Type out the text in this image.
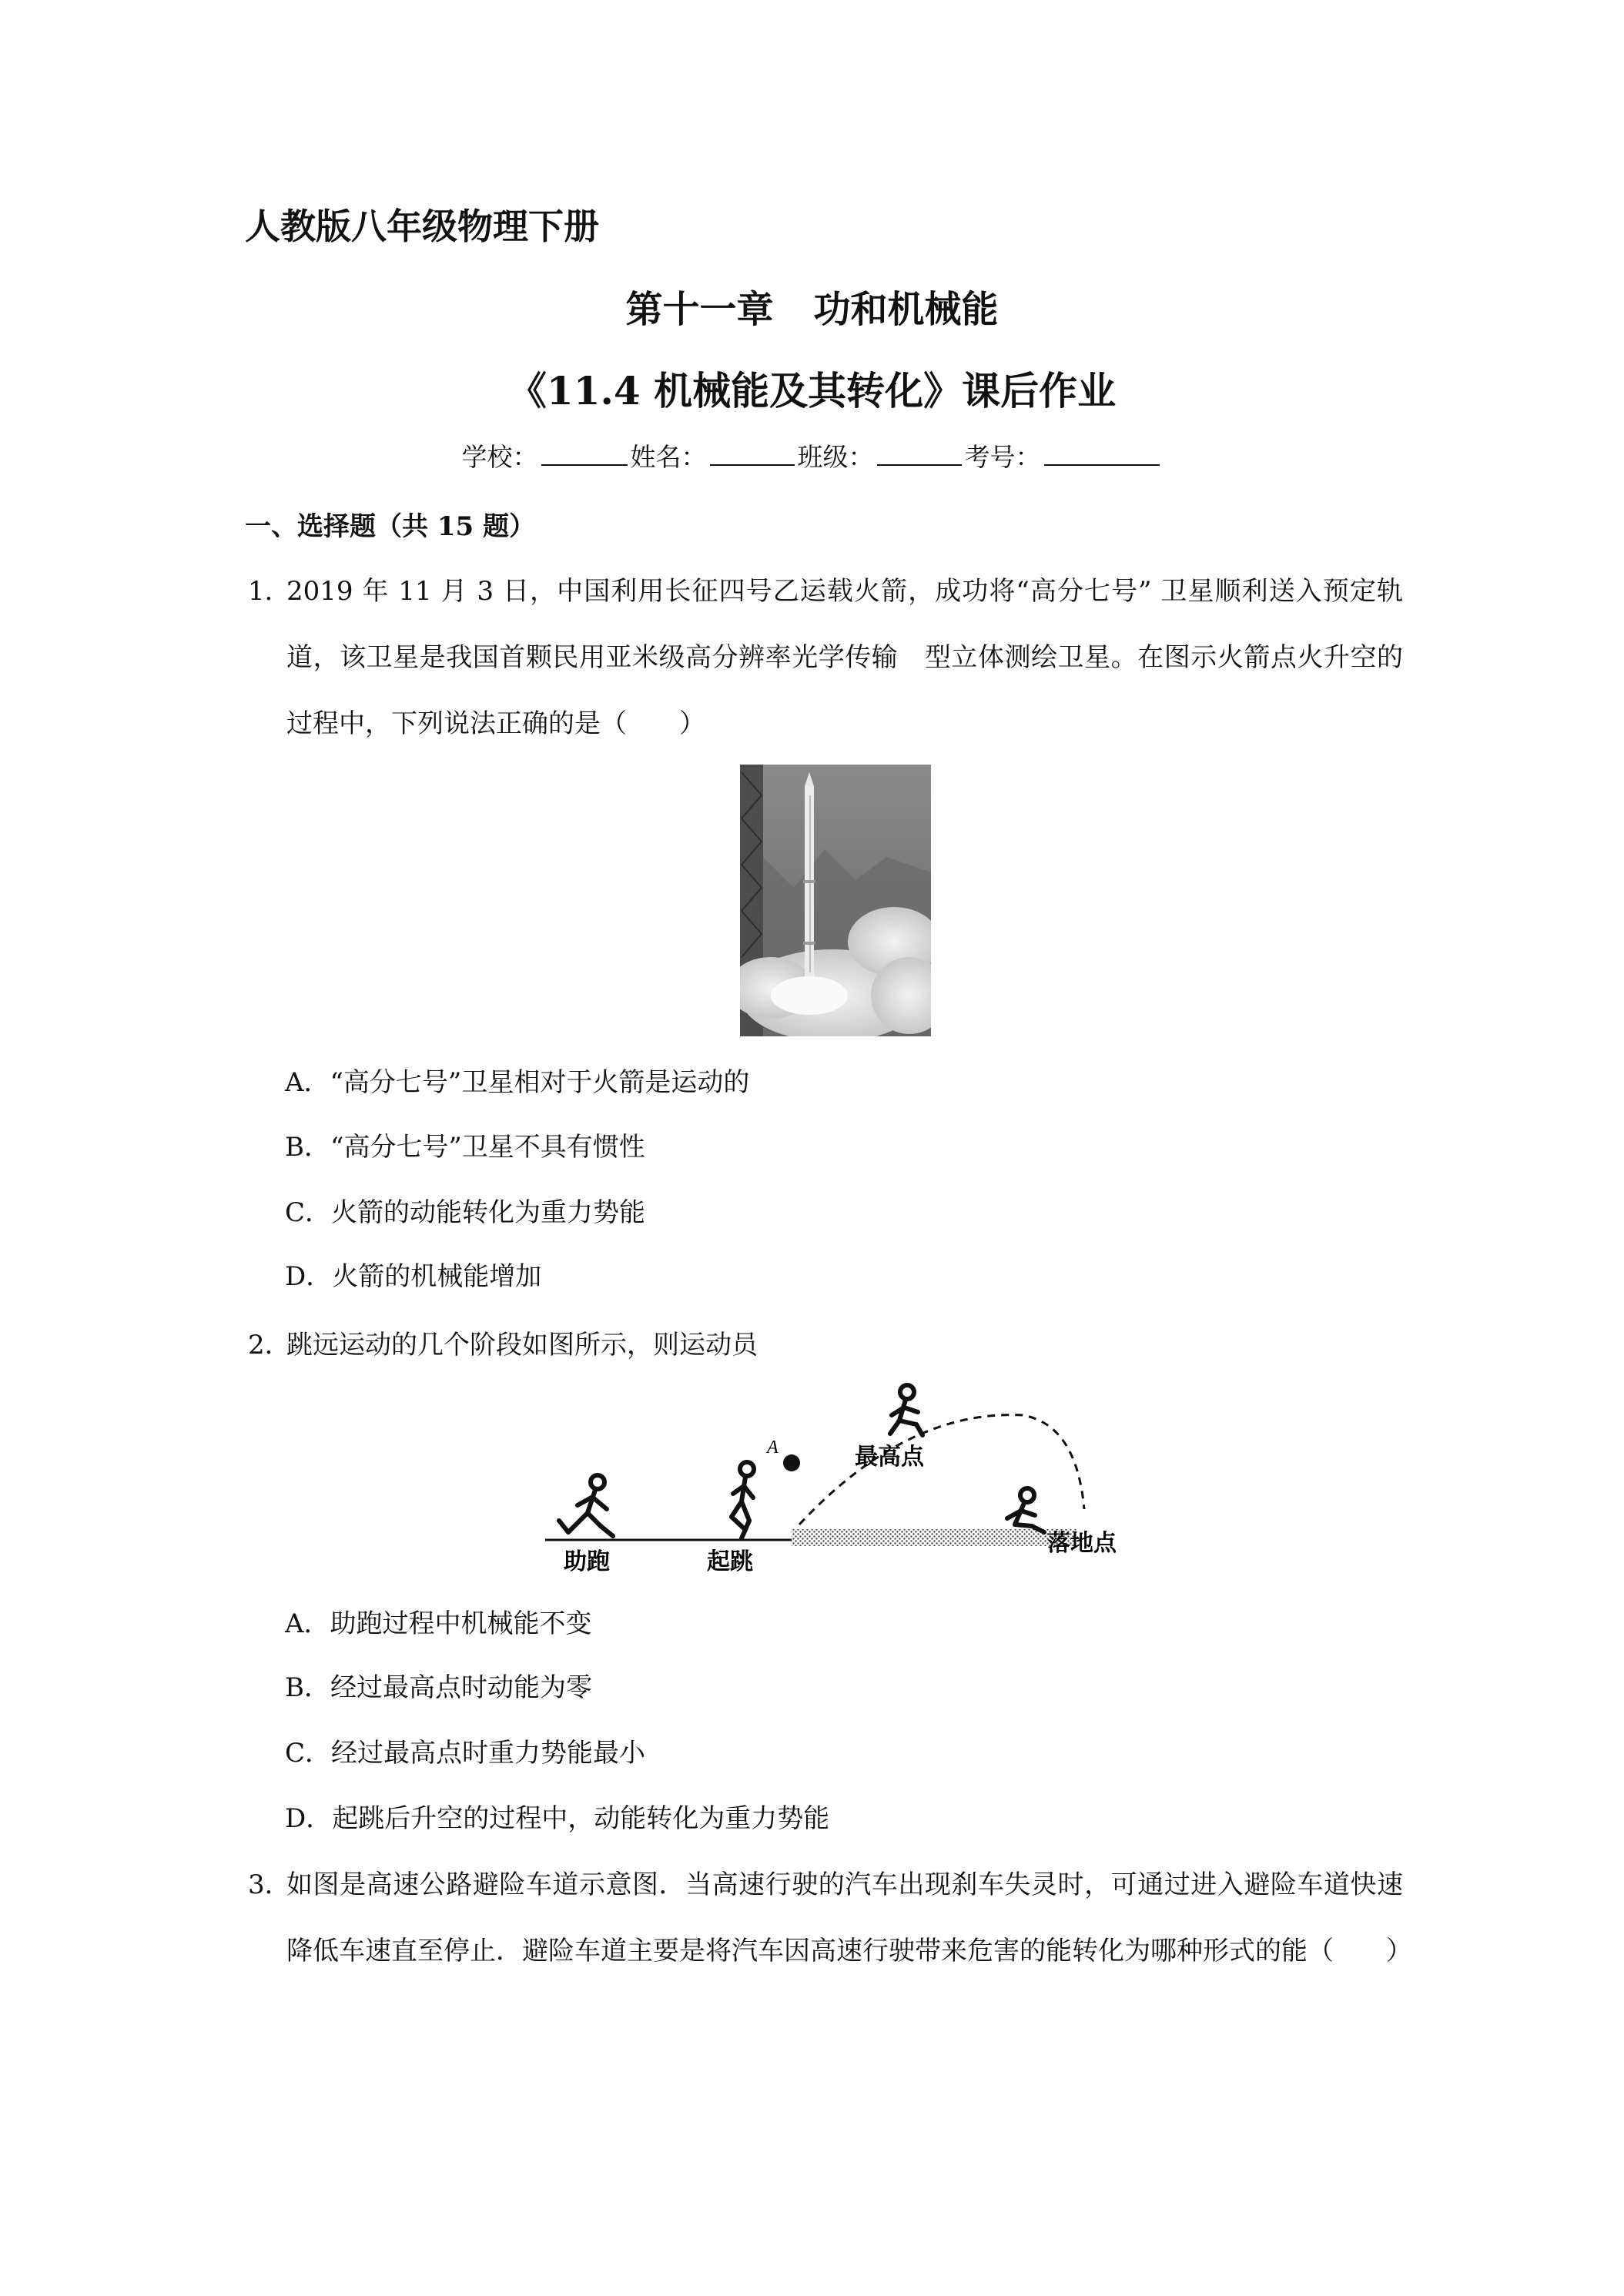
人教版八年级物理下册
第十一章 功和机械能
《11.4 机械能及其转化》课后作业
学校：	姓名：	班级：	考号：
一、选择题（共 15 题）
1．
2019 年 11 月 3 日，中国利用长征四号乙运载火箭，成功将“高分七号” 卫星顺利送入预定轨道，该卫星是我国首颗民用亚米级高分辨率光学传输　型立体测绘卫星。在图示火箭点火升空的过程中，下列说法正确的是（　　）
A．“高分七号”卫星相对于火箭是运动的
B．“高分七号”卫星不具有惯性
C．火箭的动能转化为重力势能
D．火箭的机械能增加
2．
跳远运动的几个阶段如图所示，则运动员
A
助跑	起跳
最高点
落地点
A．助跑过程中机械能不变
B．经过最高点时动能为零
C．经过最高点时重力势能最小
D．起跳后升空的过程中，动能转化为重力势能
3．
如图是高速公路避险车道示意图．当高速行驶的汽车出现刹车失灵时，可通过进入避险车道快速降低车速直至停止．避险车道主要是将汽车因高速行驶带来危害的能转化为哪种形式的能（　　）
